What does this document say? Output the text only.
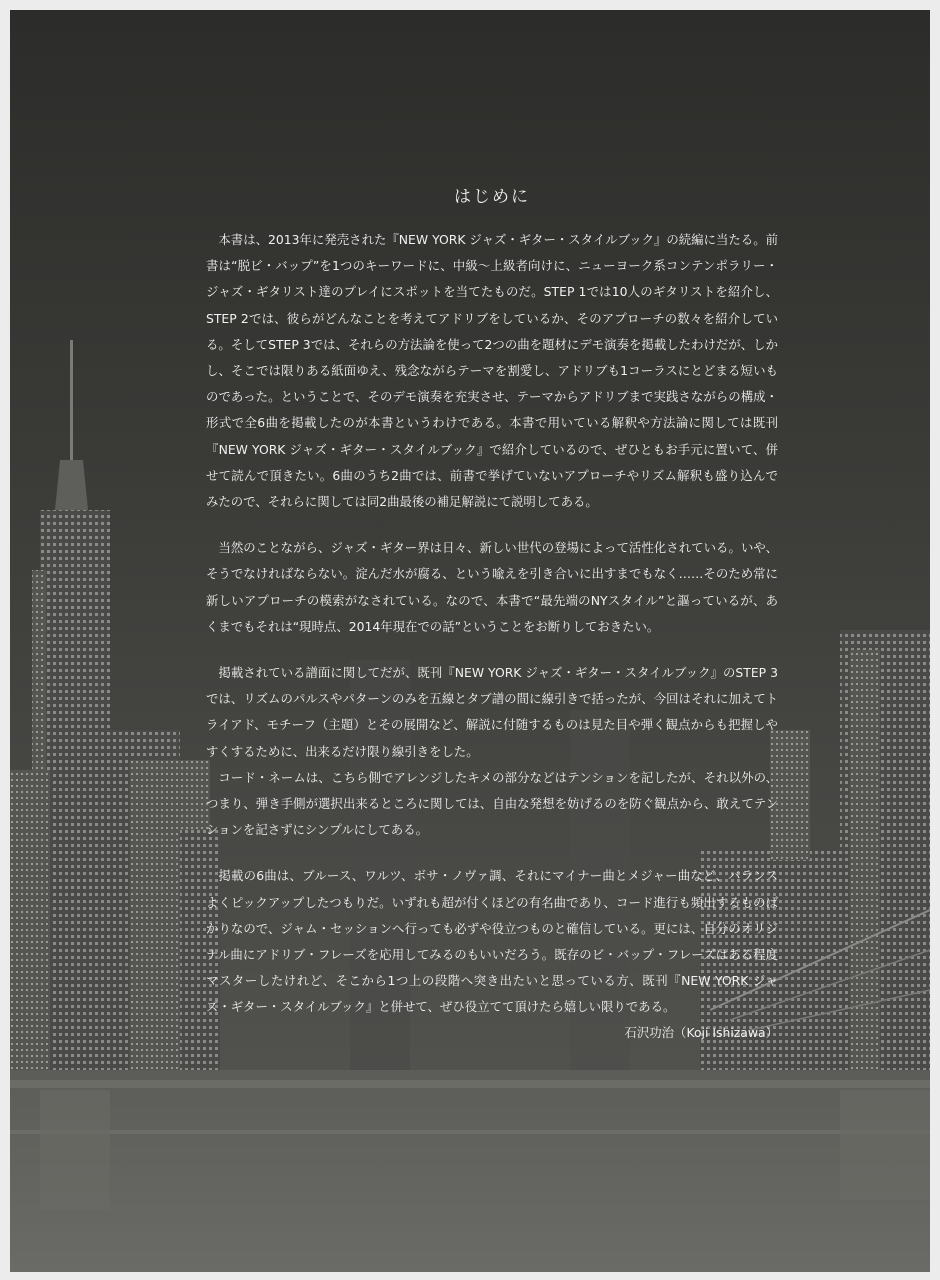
はじめに

本書は、2013年に発売された『NEW YORK ジャズ・ギター・スタイルブック』の続編に当たる。前書は“脱ビ・バップ”を1つのキーワードに、中級〜上級者向けに、ニューヨーク系コンテンポラリー・ジャズ・ギタリスト達のプレイにスポットを当てたものだ。STEP 1では10人のギタリストを紹介し、STEP 2では、彼らがどんなことを考えてアドリブをしているか、そのアプローチの数々を紹介している。そしてSTEP 3では、それらの方法論を使って2つの曲を題材にデモ演奏を掲載したわけだが、しかし、そこでは限りある紙面ゆえ、残念ながらテーマを割愛し、アドリブも1コーラスにとどまる短いものであった。ということで、そのデモ演奏を充実させ、テーマからアドリブまで実践さながらの構成・形式で全6曲を掲載したのが本書というわけである。本書で用いている解釈や方法論に関しては既刊『NEW YORK ジャズ・ギター・スタイルブック』で紹介しているので、ぜひともお手元に置いて、併せて読んで頂きたい。6曲のうち2曲では、前書で挙げていないアプローチやリズム解釈も盛り込んでみたので、それらに関しては同2曲最後の補足解説にて説明してある。

当然のことながら、ジャズ・ギター界は日々、新しい世代の登場によって活性化されている。いや、そうでなければならない。淀んだ水が腐る、という喩えを引き合いに出すまでもなく……そのため常に新しいアプローチの模索がなされている。なので、本書で“最先端のNYスタイル”と謳っているが、あくまでもそれは“現時点、2014年現在での話”ということをお断りしておきたい。

掲載されている譜面に関してだが、既刊『NEW YORK ジャズ・ギター・スタイルブック』のSTEP 3では、リズムのパルスやパターンのみを五線とタブ譜の間に線引きで括ったが、今回はそれに加えてトライアド、モチーフ（主題）とその展開など、解説に付随するものは見た目や弾く観点からも把握しやすくするために、出来るだけ限り線引きをした。

コード・ネームは、こちら側でアレンジしたキメの部分などはテンションを記したが、それ以外の、つまり、弾き手側が選択出来るところに関しては、自由な発想を妨げるのを防ぐ観点から、敢えてテンションを記さずにシンプルにしてある。

掲載の6曲は、ブルース、ワルツ、ボサ・ノヴァ調、それにマイナー曲とメジャー曲など、バランスよくピックアップしたつもりだ。いずれも超が付くほどの有名曲であり、コード進行も頻出するものばかりなので、ジャム・セッションへ行っても必ずや役立つものと確信している。更には、自分のオリジナル曲にアドリブ・フレーズを応用してみるのもいいだろう。既存のビ・バップ・フレーズはある程度マスターしたけれど、そこから1つ上の段階へ突き出たいと思っている方、既刊『NEW YORK ジャズ・ギター・スタイルブック』と併せて、ぜひ役立てて頂けたら嬉しい限りである。

石沢功治（Koji Ishizawa）
